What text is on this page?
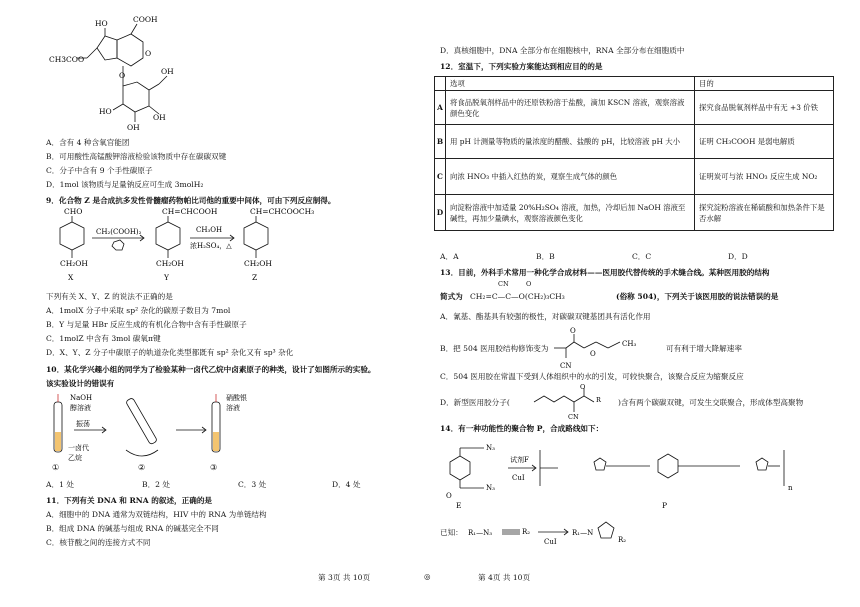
COOH
HO
O
CH3COO
O	OH
OH
OH
HO
A．含有 4 种含氧官能团
B．可用酸性高锰酸钾溶液检验该物质中存在碳碳双键
C．分子中含有 9 个手性碳原子
D．1mol 该物质与足量钠反应可生成 3molH₂
9．化合物 Z 是合成抗多发性骨髓瘤药物帕比司他的重要中间体，可由下列反应制得。
CHO
CH₂OH
X
CH₂(COOH)₂
CH=CHCOOH
CH₂OH
Y
CH₃OH
浓H₂SO₄，△
CH=CHCOOCH₃
CH₂OH
Z
下列有关 X、Y、Z 的说法不正确的是
A．1molX 分子中采取 sp² 杂化的碳原子数目为 7mol
B．Y 与足量 HBr 反应生成的有机化合物中含有手性碳原子
C．1molZ 中含有 3mol 碳氧π键
D．X、Y、Z 分子中碳原子的轨道杂化类型都既有 sp² 杂化又有 sp³ 杂化
10．某化学兴趣小组的同学为了检验某种一卤代乙烷中卤素原子的种类，设计了如图所示的实验。
该实验设计的错误有
NaOH
醇溶液
振荡
一卤代
乙烷
硝酸银
溶液
①	②	③
A．1 处	B．2 处	C．3 处	D．4 处
11．下列有关 DNA 和 RNA 的叙述，正确的是
A．细胞中的 DNA 通常为双链结构，HIV 中的 RNA 为单链结构
B．组成 DNA 的碱基与组成 RNA 的碱基完全不同
C．核苷酸之间的连接方式不同
D．真核细胞中，DNA 全部分布在细胞核中，RNA 全部分布在细胞质中
12．室温下，下列实验方案能达到相应目的的是
	选项	目的
A	将食品脱氧剂样品中的还原铁粉溶于盐酸，滴加 KSCN 溶液，观察溶液颜色变化	探究食品脱氧剂样品中有无 +3 价铁
B	用 pH 计测量等物质的量浓度的醋酸、盐酸的 pH，比较溶液 pH 大小	证明 CH₃COOH 是弱电解质
C	向浓 HNO₃ 中插入红热的炭，观察生成气体的颜色	证明炭可与浓 HNO₃ 反应生成 NO₂
D	向淀粉溶液中加适量 20%H₂SO₄ 溶液，加热，冷却后加 NaOH 溶液至碱性，再加少量碘水，观察溶液颜色变化	探究淀粉溶液在稀硫酸和加热条件下是否水解
A．A	B．B	C．C	D．D
13．目前，外科手术常用一种化学合成材料——医用胶代替传统的手术缝合线。某种医用胶的结构
简式为
CN	O
CH₂=C—C—O(CH₂)₃CH₃	(俗称 504)，下列关于该医用胶的说法错误的是
A．氰基、酯基具有较强的极性，对碳碳双键基团具有活化作用
B．把 504 医用胶结构修饰变为
O
CN
O
CH₃	可有利于增大降解速率
C．504 医用胶在常温下受到人体组织中的水的引发，可较快聚合，该聚合反应为缩聚反应
D．新型医用胶分子(
O
R
CN
)含有两个碳碳双键，可发生交联聚合，形成体型高聚物
14．有一种功能性的聚合物 P，合成路线如下：
N₃
N₃
O
E
试剂F
CuI
P
n
已知： R₁—N₃	R₂
CuI
R₁—N
R₂
第 3页 共 10页	◎	第 4页 共 10页
